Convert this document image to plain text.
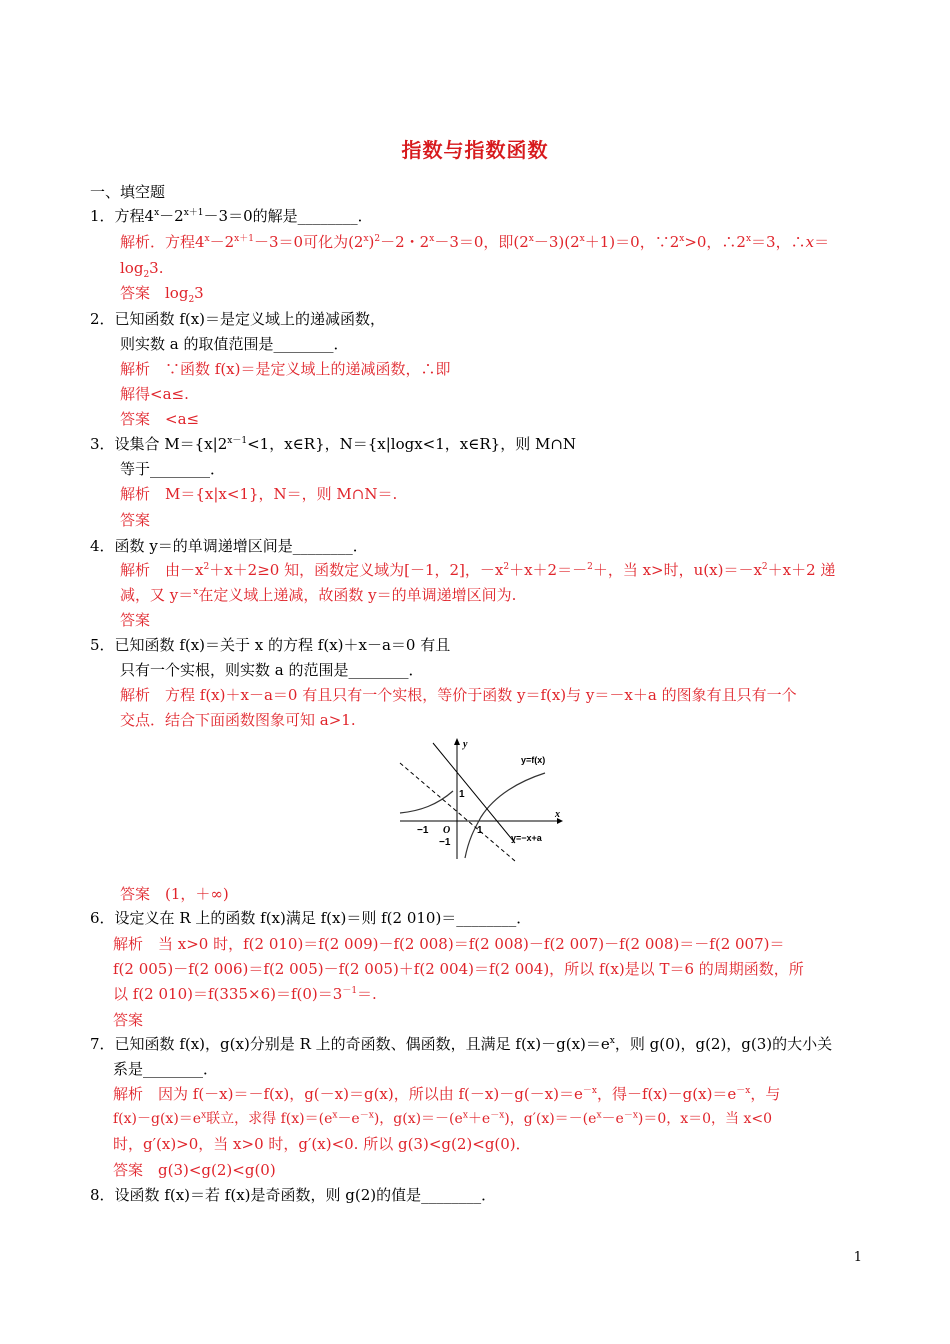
指数与指数函数
一、填空题
1．方程$4^x-2^{x+1}-3=0$的解是________．
解析．方程$4^x-2^{x+1}-3=0$可化为$(2^x)^2-2$・$2^x-3=0$，即$(2^x-3)(2^x+1)=0$，$\because 2^x>0$，$\therefore 2^x=3$，∴x＝
$\log_23$.
答案　$\log_23$
2．已知函数 f(x)＝是定义域上的递减函数，
则实数 a 的取值范围是________．
解析　∵函数 f(x)＝是定义域上的递减函数，∴即
解得<a≤.
答案　<a≤
3．设集合 $M=\{x|2^{x-1}<1$，x∈R}，N＝{x|logx<1，x∈R}，则 M∩N
等于________．
解析　M＝{x|x<1}，N＝，则 M∩N＝.
答案
4．函数 y＝的单调递增区间是________．
解析　由$-x^2+x+2\ge 0$ 知，函数定义域为[－1，2]，$-x^2+x+2=-^2+$，当 x>时，$u(x)=-x^2+x+2$ 递
减，又 y＝$^x$在定义域上递减，故函数 y＝的单调递增区间为.
答案
5．已知函数 f(x)＝关于 x 的方程 f(x)＋x－a＝0 有且
只有一个实根，则实数 a 的范围是________．
解析　方程 f(x)＋x－a＝0 有且只有一个实根，等价于函数 y＝f(x)与 y＝－x＋a 的图象有且只有一个
交点．结合下面函数图象可知 a>1.
y
x
y=f(x)
y=−x+a
O
−1	1
1
−1
答案　(1，＋∞)
6．设定义在 R 上的函数 f(x)满足 f(x)＝则 f(2 010)＝________．
解析　当 x>0 时，f(2 010)＝f(2 009)－f(2 008)＝f(2 008)－f(2 007)－f(2 008)＝－f(2 007)＝
f(2 005)－f(2 006)＝f(2 005)－f(2 005)＋f(2 004)＝f(2 004)，所以 f(x)是以 T＝6 的周期函数，所
以 f(2 $010)=f(335\times 6)=f(0)=3^{-1}=$.
答案
7．已知函数 f(x)，g(x)分别是 R 上的奇函数、偶函数，且满足 $f(x)-g(x)=e^x$，则 g(0)，g(2)，g(3)的大小关
系是________．
解析　因为 f(－x)＝－f(x)，g(－x)＝g(x)，所以由 $f(-x)-g(-x)=e^{-x}$，得$-f(x)-g(x)=e^{-x}$，与
$f(x)-g(x)=e^x$联立，求得 $f(x)=(e^x-e^{-x})$，$g(x)=-(e^x+e^{-x})$，$g'(x)=-(e^x-e^{-x})=0$，x＝0，当 x<0
时，g′(x)>0，当 x>0 时，g′(x)<0. 所以 g(3)<g(2)<g(0)．
答案　g(3)<g(2)<g(0)
8．设函数 f(x)＝若 f(x)是奇函数，则 g(2)的值是________．
1
